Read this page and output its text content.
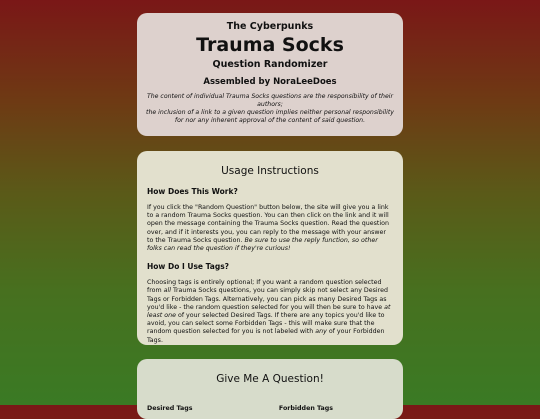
The Cyberpunks
Trauma Socks
Question Randomizer
Assembled by NoraLeeDoes
The content of individual Trauma Socks questions are the responsibility of their authors;
the inclusion of a link to a given question implies neither personal responsibility for nor any inherent approval of the content of said question.
Usage Instructions
How Does This Work?
If you click the "Random Question" button below, the site will give you a link to a random Trauma Socks question. You can then click on the link and it will open the message containing the Trauma Socks question. Read the question over, and if it interests you, you can reply to the message with your answer to the Trauma Socks question. Be sure to use the reply function, so other folks can read the question if they're curious!
How Do I Use Tags?
Choosing tags is entirely optional; If you want a random question selected from all Trauma Socks questions, you can simply skip not select any Desired Tags or Forbidden Tags. Alternatively, you can pick as many Desired Tags as you'd like - the random question selected for you will then be sure to have at least one of your selected Desired Tags. If there are any topics you'd like to avoid, you can select some Forbidden Tags - this will make sure that the random question selected for you is not labeled with any of your Forbidden Tags.
Give Me A Question!
Desired Tags	Forbidden Tags
